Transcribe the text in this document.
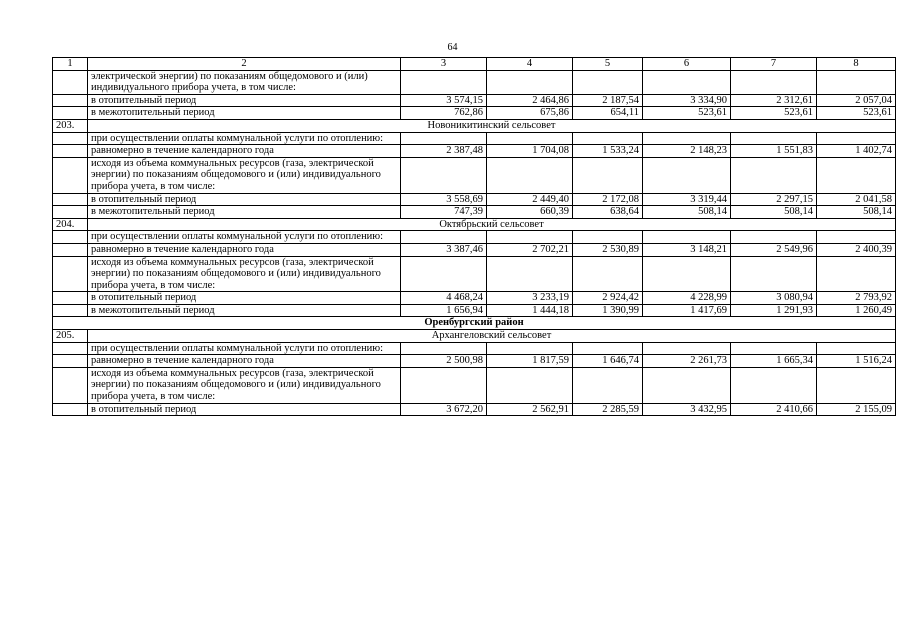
64
1	2	3	4	5	6	7	8
	электрической энергии) по показаниям общедомового и (или) индивидуального прибора учета, в том числе:						
	в отопительный период	3 574,15	2 464,86	2 187,54	3 334,90	2 312,61	2 057,04
	в межотопительный период	762,86	675,86	654,11	523,61	523,61	523,61
203.	Новоникитинский сельсовет						
	при осуществлении оплаты коммунальной услуги по отоплению:						
	равномерно в течение календарного года	2 387,48	1 704,08	1 533,24	2 148,23	1 551,83	1 402,74
	исходя из объема коммунальных ресурсов (газа, электрической энергии) по показаниям общедомового и (или) индивидуального прибора учета, в том числе:						
	в отопительный период	3 558,69	2 449,40	2 172,08	3 319,44	2 297,15	2 041,58
	в межотопительный период	747,39	660,39	638,64	508,14	508,14	508,14
204.	Октябрьский сельсовет						
	при осуществлении оплаты коммунальной услуги по отоплению:						
	равномерно в течение календарного года	3 387,46	2 702,21	2 530,89	3 148,21	2 549,96	2 400,39
	исходя из объема коммунальных ресурсов (газа, электрической энергии) по показаниям общедомового и (или) индивидуального прибора учета, в том числе:						
	в отопительный период	4 468,24	3 233,19	2 924,42	4 228,99	3 080,94	2 793,92
	в межотопительный период	1 656,94	1 444,18	1 390,99	1 417,69	1 291,93	1 260,49
Оренбургский район							
205.	Архангеловский сельсовет						
	при осуществлении оплаты коммунальной услуги по отоплению:						
	равномерно в течение календарного года	2 500,98	1 817,59	1 646,74	2 261,73	1 665,34	1 516,24
	исходя из объема коммунальных ресурсов (газа, электрической энергии) по показаниям общедомового и (или) индивидуального прибора учета, в том числе:						
	в отопительный период	3 672,20	2 562,91	2 285,59	3 432,95	2 410,66	2 155,09
